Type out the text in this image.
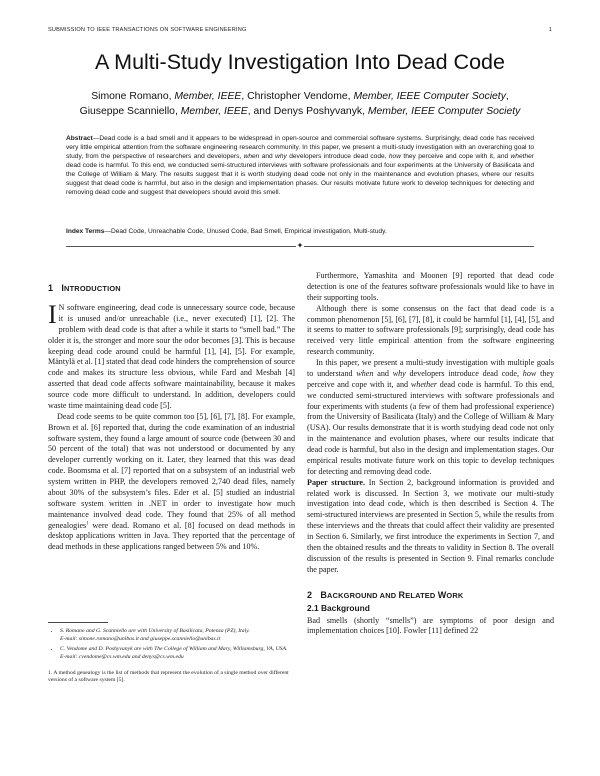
SUBMISSION TO IEEE TRANSACTIONS ON SOFTWARE ENGINEERING	1
A Multi-Study Investigation Into Dead Code
Simone Romano, Member, IEEE, Christopher Vendome, Member, IEEE Computer Society,
Giuseppe Scanniello, Member, IEEE, and Denys Poshyvanyk, Member, IEEE Computer Society
Abstract—Dead code is a bad smell and it appears to be widespread in open-source and commercial software systems. Surprisingly, dead code has received very little empirical attention from the software engineering research community. In this paper, we present a multi-study investigation with an overarching goal to study, from the perspective of researchers and developers, when and why developers introduce dead code, how they perceive and cope with it, and whether dead code is harmful. To this end, we conducted semi-structured interviews with software professionals and four experiments at the University of Basilicata and the College of William & Mary. The results suggest that it is worth studying dead code not only in the maintenance and evolution phases, where our results suggest that dead code is harmful, but also in the design and implementation phases. Our results motivate future work to develop techniques for detecting and removing dead code and suggest that developers should avoid this smell.
Index Terms—Dead Code, Unreachable Code, Unused Code, Bad Smell, Empirical investigation, Multi-study.
✦
1 INTRODUCTION

I N software engineering, dead code is unnecessary source code, because it is unused and/or unreachable (i.e., never executed) [1], [2]. The problem with dead code is that after a while it starts to “smell bad.” The older it is, the stronger and more sour the odor becomes [3]. This is because keeping dead code around could be harmful [1], [4], [5]. For example, Mäntylä et al. [1] stated that dead code hinders the comprehension of source code and makes its structure less obvious, while Fard and Mesbah [4] asserted that dead code affects software maintainability, because it makes source code more difficult to understand. In addition, developers could waste time maintaining dead code [5].

Dead code seems to be quite common too [5], [6], [7], [8]. For example, Brown et al. [6] reported that, during the code examination of an industrial software system, they found a large amount of source code (between 30 and 50 percent of the total) that was not understood or documented by any developer currently working on it. Later, they learned that this was dead code. Boomsma et al. [7] reported that on a subsystem of an industrial web system written in PHP, the developers removed 2,740 dead files, namely about 30% of the subsystem’s files. Eder et al. [5] studied an industrial software system written in .NET in order to investigate how much maintenance involved dead code. They found that 25% of all method genealogies$^1$ were dead. Romano et al. [8] focused on dead methods in desktop applications written in Java. They reported that the percentage of dead methods in these applications ranged between 5% and 10%.

• S. Romano and G. Scanniello are with University of Basilicata, Potenza (PZ), Italy.
E-mail: simone.romano@unibas.it and giuseppe.scanniello@unibas.it
• C. Vendome and D. Poshyvanyk are with The College of William and Mary, Williamsburg, VA, USA.
E-mail: cvendome@cs.wm.edu and denys@cs.wm.edu
1. A method genealogy is the list of methods that represent the evolution of a single method over different versions of a software system [5].

Furthermore, Yamashita and Moonen [9] reported that dead code detection is one of the features software professionals would like to have in their supporting tools.

Although there is some consensus on the fact that dead code is a common phenomenon [5], [6], [7], [8], it could be harmful [1], [4], [5], and it seems to matter to software professionals [9]; surprisingly, dead code has received very little empirical attention from the software engineering research community.

In this paper, we present a multi-study investigation with multiple goals to understand when and why developers introduce dead code, how they perceive and cope with it, and whether dead code is harmful. To this end, we conducted semi-structured interviews with software professionals and four experiments with students (a few of them had professional experience) from the University of Basilicata (Italy) and the College of William & Mary (USA). Our results demonstrate that it is worth studying dead code not only in the maintenance and evolution phases, where our results indicate that dead code is harmful, but also in the design and implementation stages. Our empirical results motivate future work on this topic to develop techniques for detecting and removing dead code.

Paper structure. In Section 2, background information is provided and related work is discussed. In Section 3, we motivate our multi-study investigation into dead code, which is then described is Section 4. The semi-structured interviews are presented in Section 5, while the results from these interviews and the threats that could affect their validity are presented in Section 6. Similarly, we first introduce the experiments in Section 7, and then the obtained results and the threats to validity in Section 8. The overall discussion of the results is presented in Section 9. Final remarks conclude the paper.

2 BACKGROUND AND RELATED WORK
2.1 Background

Bad smells (shortly “smells”) are symptoms of poor design and implementation choices [10]. Fowler [11] defined 22
